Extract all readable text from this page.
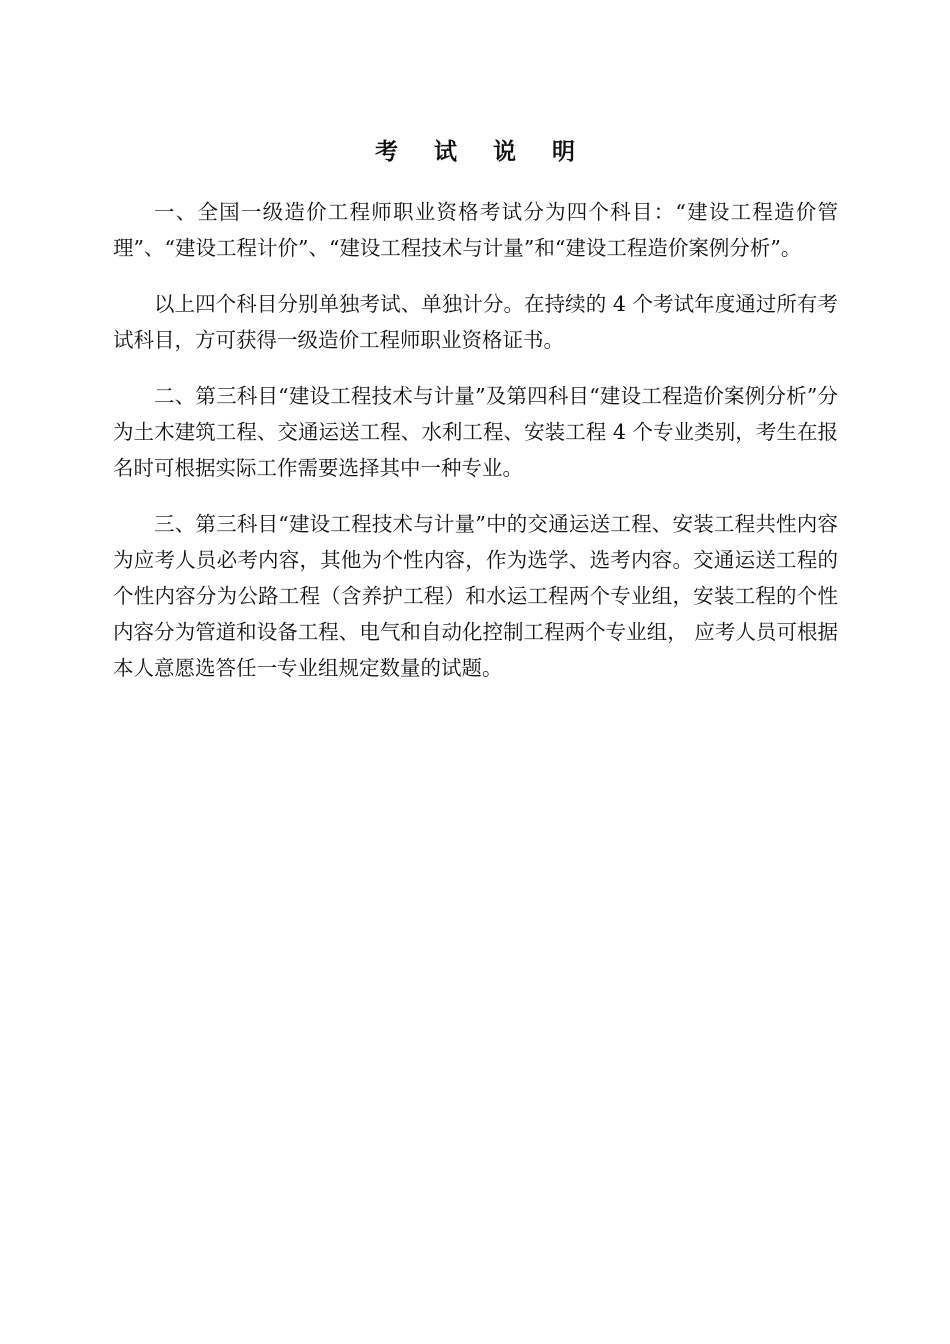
考 试 说 明

一、全国一级造价工程师职业资格考试分为四个科目：“建设工程造价管理”、“建设工程计价”、“建设工程技术与计量”和“建设工程造价案例分析”。

以上四个科目分别单独考试、单独计分。在持续的 4 个考试年度通过所有考试科目，方可获得一级造价工程师职业资格证书。

二、第三科目“建设工程技术与计量”及第四科目“建设工程造价案例分析”分为土木建筑工程、交通运送工程、水利工程、安装工程 4 个专业类别，考生在报名时可根据实际工作需要选择其中一种专业。

三、第三科目“建设工程技术与计量”中的交通运送工程、安装工程共性内容为应考人员必考内容，其他为个性内容，作为选学、选考内容。交通运送工程的个性内容分为公路工程（含养护工程）和水运工程两个专业组，安装工程的个性内容分为管道和设备工程、电气和自动化控制工程两个专业组， 应考人员可根据本人意愿选答任一专业组规定数量的试题。
